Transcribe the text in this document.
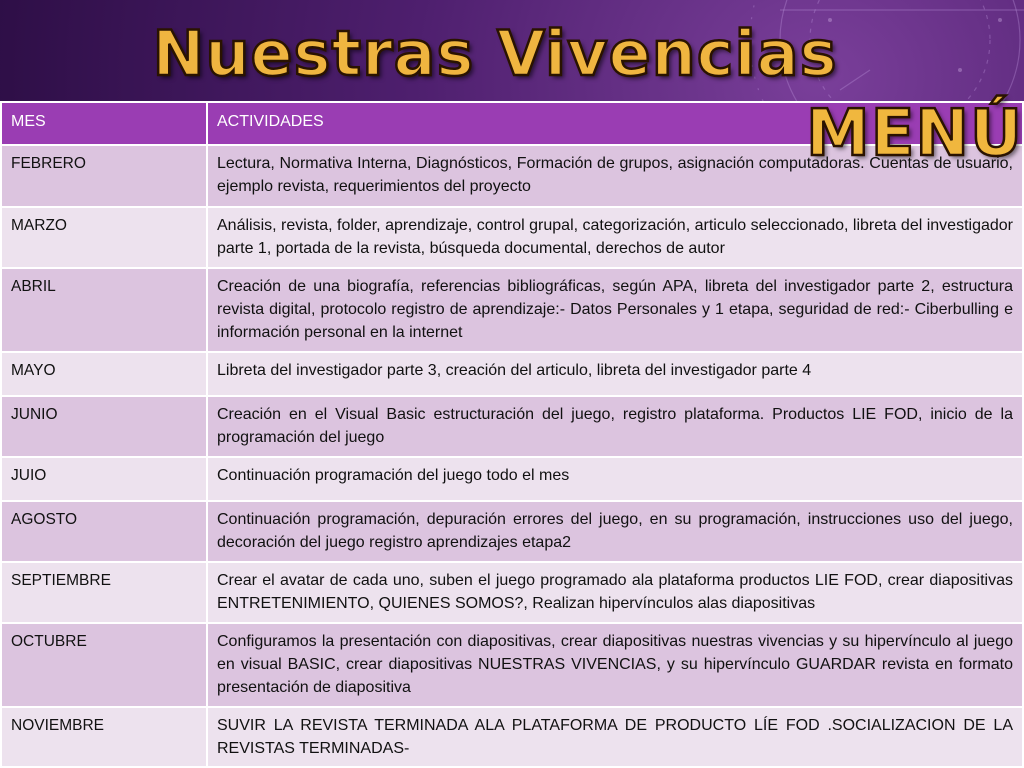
Nuestras Vivencias
MES	ACTIVIDADES
FEBRERO	Lectura, Normativa Interna, Diagnósticos, Formación de grupos, asignación computadoras. Cuentas de usuario, ejemplo revista, requerimientos del proyecto
MARZO	Análisis, revista, folder, aprendizaje, control grupal, categorización, articulo seleccionado, libreta del investigador parte 1, portada de la revista, búsqueda documental, derechos de autor
ABRIL	Creación de una biografía, referencias bibliográficas, según APA, libreta del investigador parte 2, estructura revista digital, protocolo registro de aprendizaje:- Datos Personales y 1 etapa, seguridad de red:- Ciberbulling e información personal en la internet
MAYO	Libreta del investigador parte 3, creación del articulo, libreta del investigador parte 4
JUNIO	Creación en el Visual Basic estructuración del juego, registro plataforma. Productos LIE FOD, inicio de la programación del juego
JUIO	Continuación programación del juego todo el mes
AGOSTO	Continuación programación, depuración errores del juego, en su programación, instrucciones uso del juego, decoración del juego registro aprendizajes etapa2
SEPTIEMBRE	Crear el avatar de cada uno, suben el juego programado ala plataforma productos LIE FOD, crear diapositivas ENTRETENIMIENTO, QUIENES SOMOS?, Realizan hipervínculos alas diapositivas
OCTUBRE	Configuramos la presentación con diapositivas, crear diapositivas nuestras vivencias y su hipervínculo al juego en visual BASIC, crear diapositivas NUESTRAS VIVENCIAS, y su hipervínculo GUARDAR revista en formato presentación de diapositiva
NOVIEMBRE	SUVIR LA REVISTA TERMINADA ALA PLATAFORMA DE PRODUCTO LÍE FOD .SOCIALIZACION DE LA REVISTAS TERMINADAS-
MENÚ
